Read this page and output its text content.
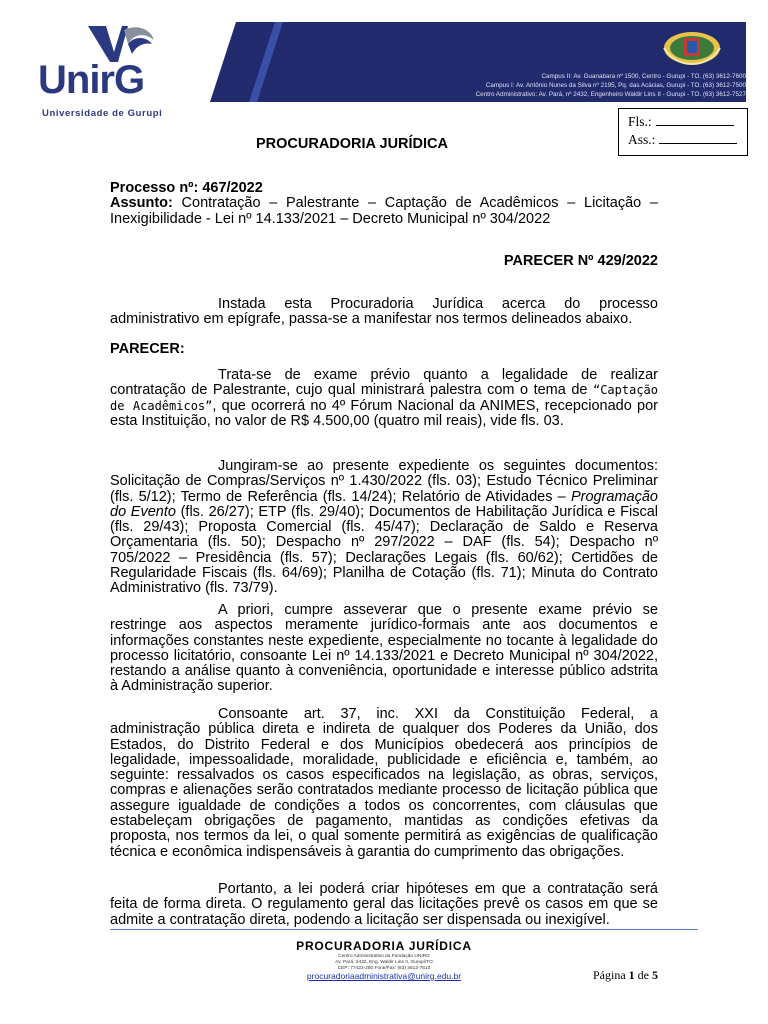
UnirG
Universidade de Gurupi
Campus II: Av. Guanabara nº 1500, Centro - Gurupi - TO. (63) 3612-7600
Campus I: Av. Antônio Nunes da Silva nº 2195, Pq. das Acácias, Gurupi - TO. (63) 3612-7500
Centro Administrativo: Av. Pará, nº 2432, Engenheiro Waldir Lins II - Gurupi - TO. (63) 3612-7527
Fls.:
Ass.:
PROCURADORIA JURÍDICA
Processo nº: 467/2022
Assunto: Contratação – Palestrante – Captação de Acadêmicos – Licitação – Inexigibilidade - Lei nº 14.133/2021 – Decreto Municipal nº 304/2022
PARECER Nº 429/2022
Instada esta Procuradoria Jurídica acerca do processo administrativo em epígrafe, passa-se a manifestar nos termos delineados abaixo.
PARECER:
Trata-se de exame prévio quanto a legalidade de realizar contratação de Palestrante, cujo qual ministrará palestra com o tema de “Captação de Acadêmicos”, que ocorrerá no 4º Fórum Nacional da ANIMES, recepcionado por esta Instituição, no valor de R$ 4.500,00 (quatro mil reais), vide fls. 03.
Jungiram-se ao presente expediente os seguintes documentos: Solicitação de Compras/Serviços nº 1.430/2022 (fls. 03); Estudo Técnico Preliminar (fls. 5/12); Termo de Referência (fls. 14/24); Relatório de Atividades – Programação do Evento (fls. 26/27); ETP (fls. 29/40); Documentos de Habilitação Jurídica e Fiscal (fls. 29/43); Proposta Comercial (fls. 45/47); Declaração de Saldo e Reserva Orçamentaria (fls. 50); Despacho nº 297/2022 – DAF (fls. 54); Despacho nº 705/2022 – Presidência (fls. 57); Declarações Legais (fls. 60/62); Certidões de Regularidade Fiscais (fls. 64/69); Planilha de Cotação (fls. 71); Minuta do Contrato Administrativo (fls. 73/79).
A priori, cumpre asseverar que o presente exame prévio se restringe aos aspectos meramente jurídico-formais ante aos documentos e informações constantes neste expediente, especialmente no tocante à legalidade do processo licitatório, consoante Lei nº 14.133/2021 e Decreto Municipal nº 304/2022, restando a análise quanto à conveniência, oportunidade e interesse público adstrita à Administração superior.
Consoante art. 37, inc. XXI da Constituição Federal, a administração pública direta e indireta de qualquer dos Poderes da União, dos Estados, do Distrito Federal e dos Municípios obedecerá aos princípios de legalidade, impessoalidade, moralidade, publicidade e eficiência e, também, ao seguinte: ressalvados os casos especificados na legislação, as obras, serviços, compras e alienações serão contratados mediante processo de licitação pública que assegure igualdade de condições a todos os concorrentes, com cláusulas que estabeleçam obrigações de pagamento, mantidas as condições efetivas da proposta, nos termos da lei, o qual somente permitirá as exigências de qualificação técnica e econômica indispensáveis à garantia do cumprimento das obrigações.
Portanto, a lei poderá criar hipóteses em que a contratação será feita de forma direta. O regulamento geral das licitações prevê os casos em que se admite a contratação direta, podendo a licitação ser dispensada ou inexigível.
PROCURADORIA JURÍDICA
Centro Administrativo da Fundação UNIRG
Av. Pará, 2432, Eng. Waldir Lins II, Gurupi/TO
CEP: 77423-250 Fone/Fax: (63) 3612-7513
procuradoriaadministrativa@unirg.edu.br	Página 1 de 5
